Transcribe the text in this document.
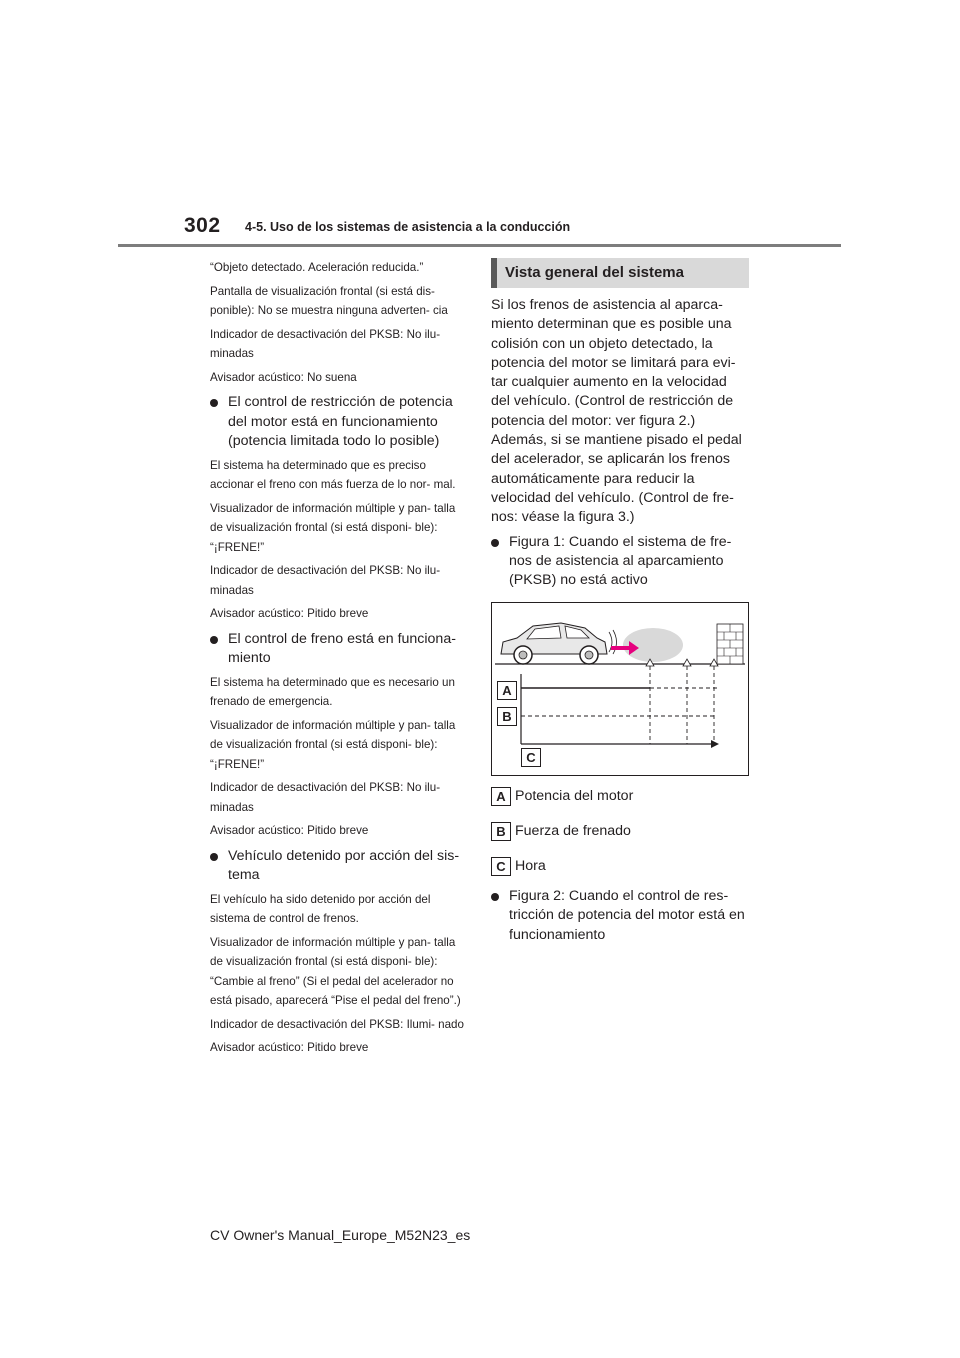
302 4-5. Uso de los sistemas de asistencia a la conducción

“Objeto detectado. Aceleración reducida.”

Pantalla de visualización frontal (si está dis- ponible): No se muestra ninguna adverten- cia

Indicador de desactivación del PKSB: No ilu- minadas

Avisador acústico: No suena

El control de restricción de potencia del motor está en funcionamiento (potencia limitada todo lo posible)

El sistema ha determinado que es preciso accionar el freno con más fuerza de lo nor- mal.

Visualizador de información múltiple y pan- talla de visualización frontal (si está disponi- ble): “¡FRENE!”

Indicador de desactivación del PKSB: No ilu- minadas

Avisador acústico: Pitido breve

El control de freno está en funciona- miento

El sistema ha determinado que es necesario un frenado de emergencia.

Visualizador de información múltiple y pan- talla de visualización frontal (si está disponi- ble): “¡FRENE!”

Indicador de desactivación del PKSB: No ilu- minadas

Avisador acústico: Pitido breve

Vehículo detenido por acción del sis- tema

El vehículo ha sido detenido por acción del sistema de control de frenos.

Visualizador de información múltiple y pan- talla de visualización frontal (si está disponi- ble): “Cambie al freno” (Si el pedal del acelerador no está pisado, aparecerá “Pise el pedal del freno”.)

Indicador de desactivación del PKSB: Ilumi- nado

Avisador acústico: Pitido breve

Vista general del sistema

Si los frenos de asistencia al aparca- miento determinan que es posible una colisión con un objeto detectado, la potencia del motor se limitará para evi- tar cualquier aumento en la velocidad del vehículo. (Control de restricción de potencia del motor: ver figura 2.) Además, si se mantiene pisado el pedal del acelerador, se aplicarán los frenos automáticamente para reducir la velocidad del vehículo. (Control de fre- nos: véase la figura 3.)

Figura 1: Cuando el sistema de fre- nos de asistencia al aparcamiento (PKSB) no está activo
A
B
C
A Potencia del motor
B Fuerza de frenado
C Hora
Figura 2: Cuando el control de res- tricción de potencia del motor está en funcionamiento
CV Owner's Manual_Europe_M52N23_es
